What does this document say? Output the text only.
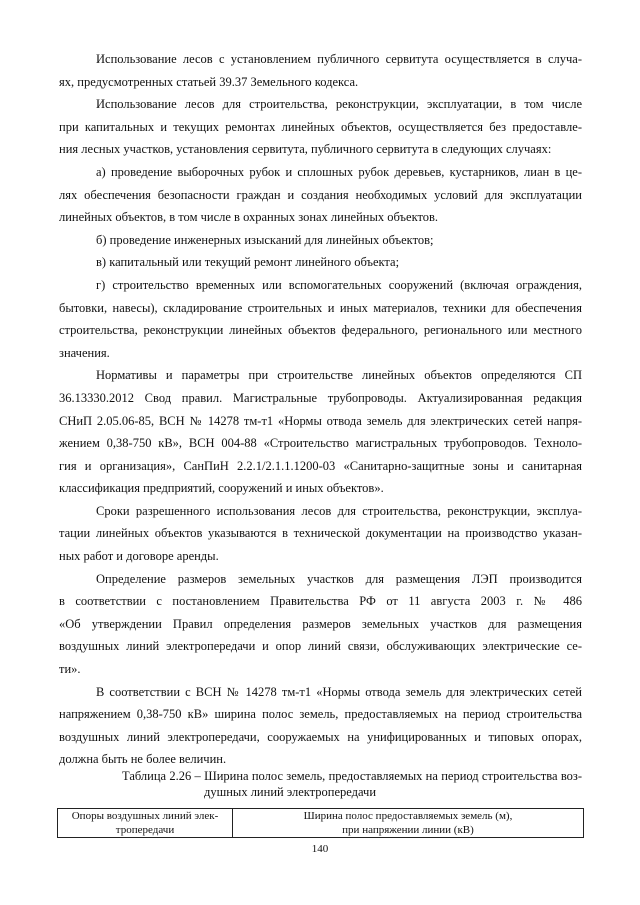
Использование лесов с установлением публичного сервитута осуществляется в случа-
ях, предусмотренных статьей 39.37 Земельного кодекса.
Использование лесов для строительства, реконструкции, эксплуатации, в том числе
при капитальных и текущих ремонтах линейных объектов, осуществляется без предоставле-
ния лесных участков, установления сервитута, публичного сервитута в следующих случаях:
а) проведение выборочных рубок и сплошных рубок деревьев, кустарников, лиан в це-
лях обеспечения безопасности граждан и создания необходимых условий для эксплуатации
линейных объектов, в том числе в охранных зонах линейных объектов.
б) проведение инженерных изысканий для линейных объектов;
в) капитальный или текущий ремонт линейного объекта;
г) строительство временных или вспомогательных сооружений (включая ограждения,
бытовки, навесы), складирование строительных и иных материалов, техники для обеспечения
строительства, реконструкции линейных объектов федерального, регионального или местного
значения.
Нормативы и параметры при строительстве линейных объектов определяются СП
36.13330.2012 Свод правил. Магистральные трубопроводы. Актуализированная редакция
СНиП 2.05.06-85, ВСН № 14278 тм-т1 «Нормы отвода земель для электрических сетей напря-
жением 0,38-750 кВ», ВСН 004-88 «Строительство магистральных трубопроводов. Техноло-
гия и организация», СанПиН 2.2.1/2.1.1.1200-03 «Санитарно-защитные зоны и санитарная
классификация предприятий, сооружений и иных объектов».
Сроки разрешенного использования лесов для строительства, реконструкции, эксплуа-
тации линейных объектов указываются в технической документации на производство указан-
ных работ и договоре аренды.
Определение размеров земельных участков для размещения ЛЭП производится
в соответствии с постановлением Правительства РФ от 11 августа 2003 г. № 486
«Об утверждении Правил определения размеров земельных участков для размещения
воздушных линий электропередачи и опор линий связи, обслуживающих электрические се-
ти».
В соответствии с ВСН № 14278 тм-т1 «Нормы отвода земель для электрических сетей
напряжением 0,38-750 кВ» ширина полос земель, предоставляемых на период строительства
воздушных линий электропередачи, сооружаемых на унифицированных и типовых опорах,
должна быть не более величин.
Таблица 2.26 – Ширина полос земель, предоставляемых на период строительства воз-
душных линий электропередачи
Опоры воздушных линий элек-
тропередачи	Ширина полос предоставляемых земель (м),
при напряжении линии (кВ)
140
